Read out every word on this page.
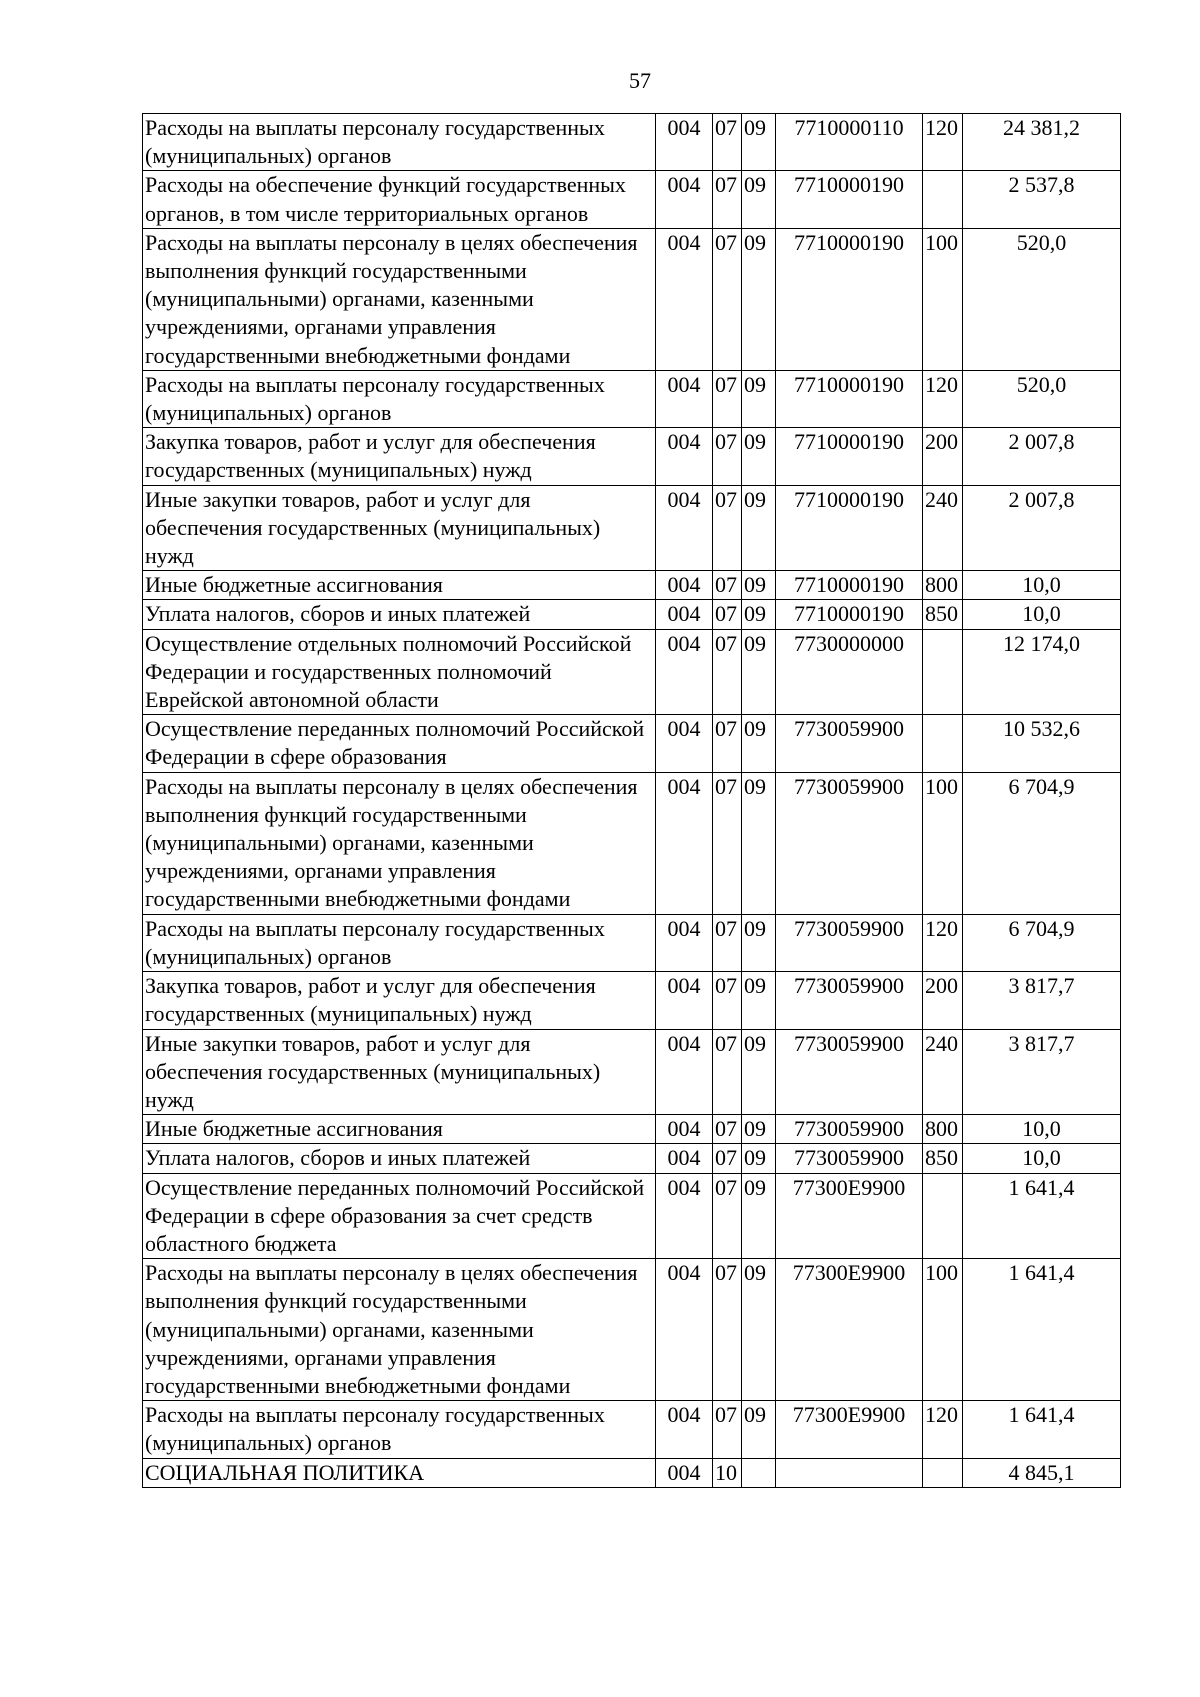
57
Расходы на выплаты персоналу государственных (муниципальных) органов	004	07	09	7710000110	120	24 381,2
Расходы на обеспечение функций государственных органов, в том числе территориальных органов	004	07	09	7710000190		2 537,8
Расходы на выплаты персоналу в целях обеспечения выполнения функций государственными (муниципальными) органами, казенными учреждениями, органами управления государственными внебюджетными фондами	004	07	09	7710000190	100	520,0
Расходы на выплаты персоналу государственных (муниципальных) органов	004	07	09	7710000190	120	520,0
Закупка товаров, работ и услуг для обеспечения государственных (муниципальных) нужд	004	07	09	7710000190	200	2 007,8
Иные закупки товаров, работ и услуг для обеспечения государственных (муниципальных) нужд	004	07	09	7710000190	240	2 007,8
Иные бюджетные ассигнования	004	07	09	7710000190	800	10,0
Уплата налогов, сборов и иных платежей	004	07	09	7710000190	850	10,0
Осуществление отдельных полномочий Российской Федерации и государственных полномочий Еврейской автономной области	004	07	09	7730000000		12 174,0
Осуществление переданных полномочий Российской Федерации в сфере образования	004	07	09	7730059900		10 532,6
Расходы на выплаты персоналу в целях обеспечения выполнения функций государственными (муниципальными) органами, казенными учреждениями, органами управления государственными внебюджетными фондами	004	07	09	7730059900	100	6 704,9
Расходы на выплаты персоналу государственных (муниципальных) органов	004	07	09	7730059900	120	6 704,9
Закупка товаров, работ и услуг для обеспечения государственных (муниципальных) нужд	004	07	09	7730059900	200	3 817,7
Иные закупки товаров, работ и услуг для обеспечения государственных (муниципальных) нужд	004	07	09	7730059900	240	3 817,7
Иные бюджетные ассигнования	004	07	09	7730059900	800	10,0
Уплата налогов, сборов и иных платежей	004	07	09	7730059900	850	10,0
Осуществление переданных полномочий Российской Федерации в сфере образования за счет средств областного бюджета	004	07	09	77300E9900		1 641,4
Расходы на выплаты персоналу в целях обеспечения выполнения функций государственными (муниципальными) органами, казенными учреждениями, органами управления государственными внебюджетными фондами	004	07	09	77300E9900	100	1 641,4
Расходы на выплаты персоналу государственных (муниципальных) органов	004	07	09	77300E9900	120	1 641,4
СОЦИАЛЬНАЯ ПОЛИТИКА	004	10				4 845,1
